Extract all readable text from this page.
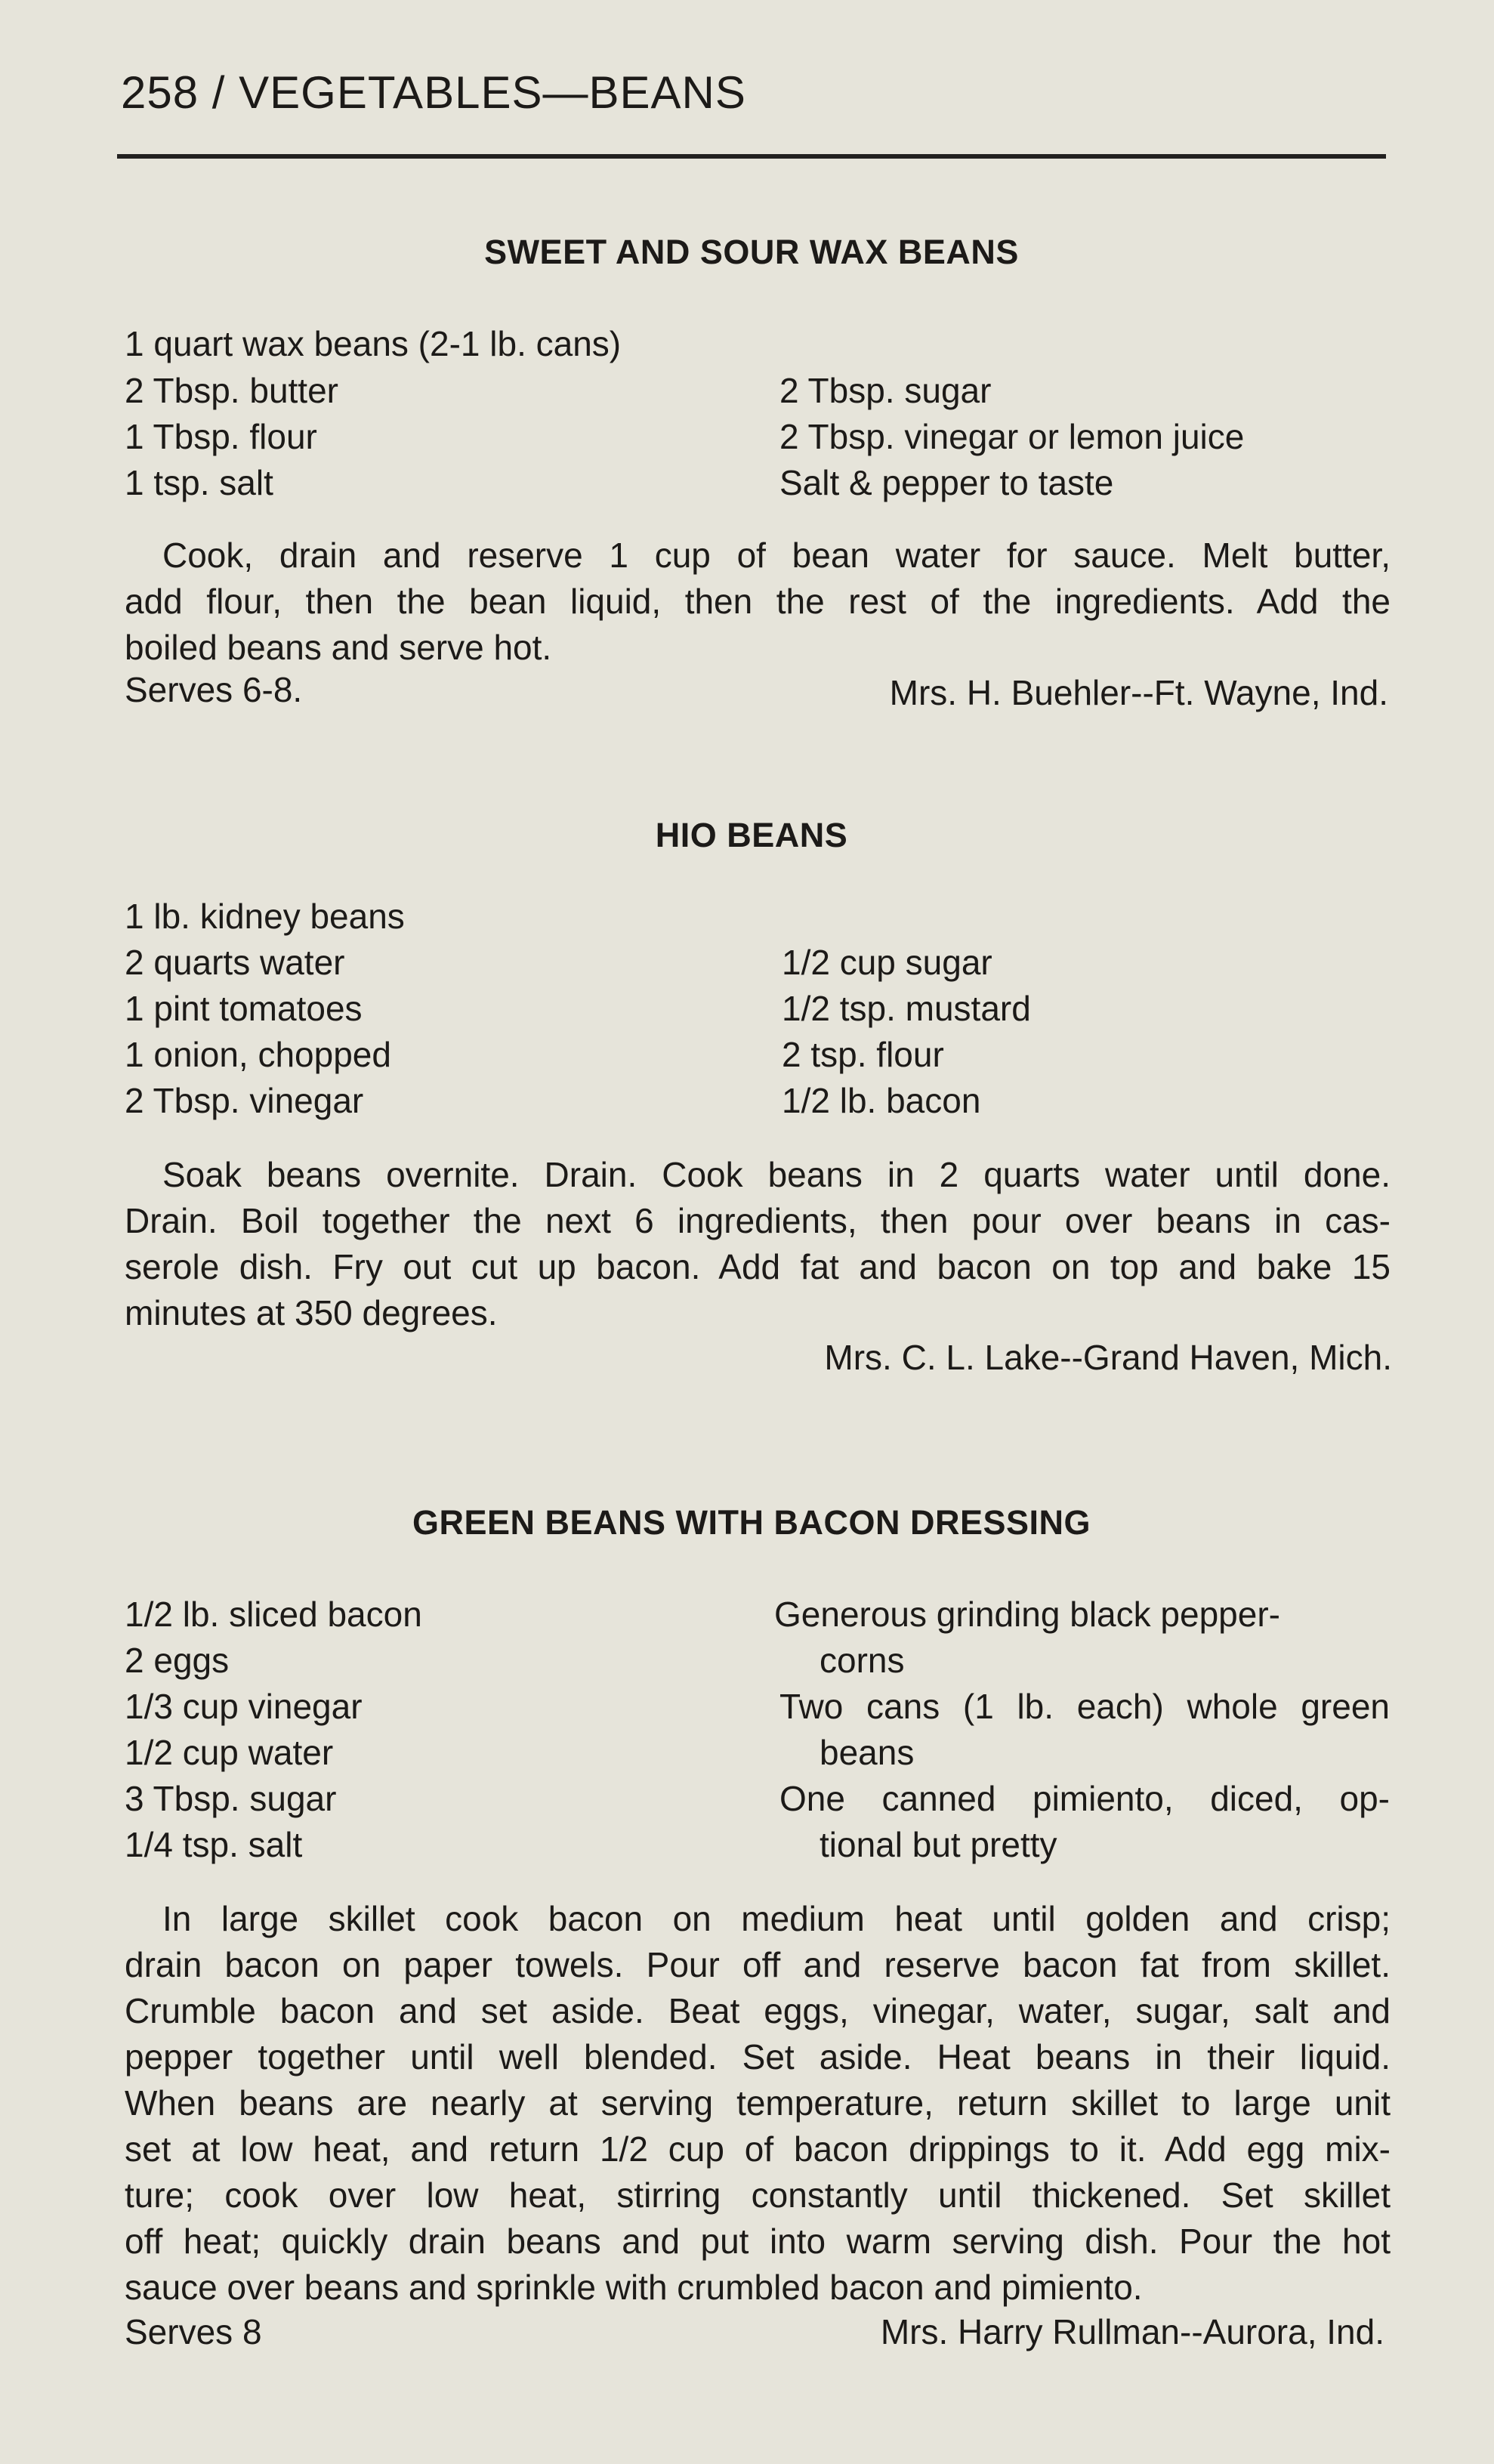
258 / VEGETABLES—BEANS
SWEET AND SOUR WAX BEANS
1 quart wax beans (2-1 lb. cans)
2 Tbsp. butter
1 Tbsp. flour
1 tsp. salt
2 Tbsp. sugar
2 Tbsp. vinegar or lemon juice
Salt & pepper to taste
Cook, drain and reserve 1 cup of bean water for sauce. Melt butter,
add flour, then the bean liquid, then the rest of the ingredients. Add the
boiled beans and serve hot.
Serves 6-8.	Mrs. H. Buehler--Ft. Wayne, Ind.
HIO BEANS
1 lb. kidney beans
2 quarts water
1 pint tomatoes
1 onion, chopped
2 Tbsp. vinegar
1/2 cup sugar
1/2 tsp. mustard
2 tsp. flour
1/2 lb. bacon
Soak beans overnite. Drain. Cook beans in 2 quarts water until done.
Drain. Boil together the next 6 ingredients, then pour over beans in cas-
serole dish. Fry out cut up bacon. Add fat and bacon on top and bake 15
minutes at 350 degrees.
Mrs. C. L. Lake--Grand Haven, Mich.
GREEN BEANS WITH BACON DRESSING
1/2 lb. sliced bacon
2 eggs
1/3 cup vinegar
1/2 cup water
3 Tbsp. sugar
1/4 tsp. salt
Generous grinding black pepper-
corns
Two cans (1 lb. each) whole green
beans
One canned pimiento, diced, op-
tional but pretty
In large skillet cook bacon on medium heat until golden and crisp;
drain bacon on paper towels. Pour off and reserve bacon fat from skillet.
Crumble bacon and set aside. Beat eggs, vinegar, water, sugar, salt and
pepper together until well blended. Set aside. Heat beans in their liquid.
When beans are nearly at serving temperature, return skillet to large unit
set at low heat, and return 1/2 cup of bacon drippings to it. Add egg mix-
ture; cook over low heat, stirring constantly until thickened. Set skillet
off heat; quickly drain beans and put into warm serving dish. Pour the hot
sauce over beans and sprinkle with crumbled bacon and pimiento.
Serves 8	Mrs. Harry Rullman--Aurora, Ind.
